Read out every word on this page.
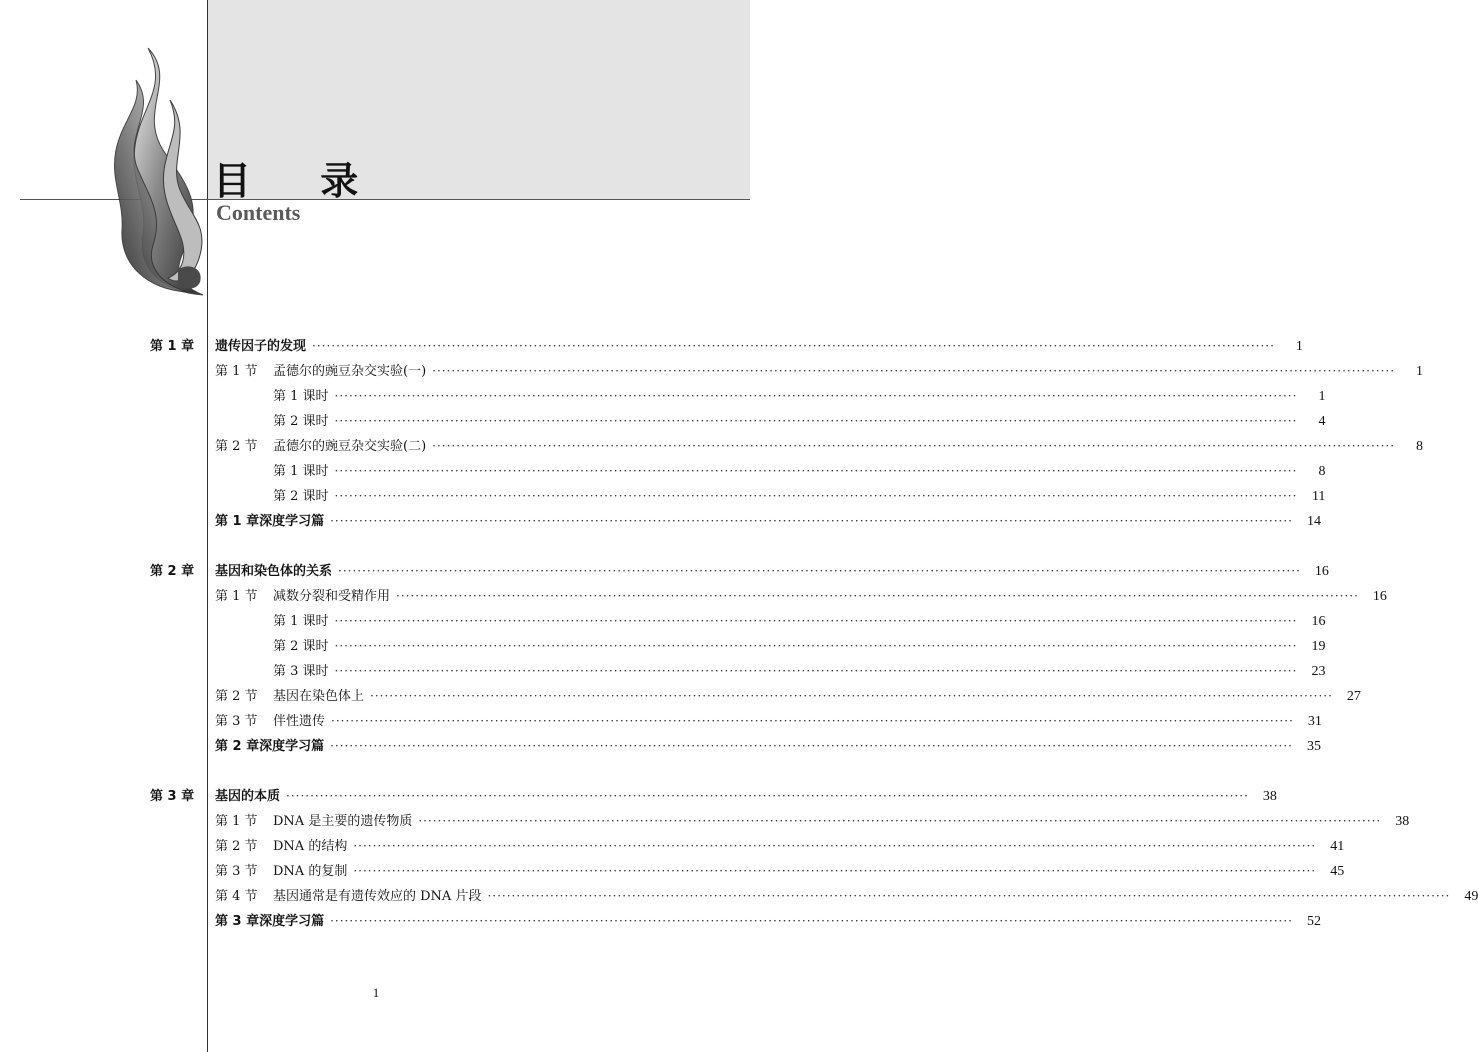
目 录
Contents
第 1 章	遗传因子的发现 ········································································································································································································	1
第 1 节	孟德尔的豌豆杂交实验(一) ········································································································································································································	1
第 1 课时 ········································································································································································································	1
第 2 课时 ········································································································································································································	4
第 2 节	孟德尔的豌豆杂交实验(二) ········································································································································································································	8
第 1 课时 ········································································································································································································	8
第 2 课时 ········································································································································································································	11
第 1 章深度学习篇 ········································································································································································································	14
第 2 章	基因和染色体的关系 ········································································································································································································	16
第 1 节	减数分裂和受精作用 ········································································································································································································	16
第 1 课时 ········································································································································································································	16
第 2 课时 ········································································································································································································	19
第 3 课时 ········································································································································································································	23
第 2 节	基因在染色体上 ········································································································································································································	27
第 3 节	伴性遗传 ········································································································································································································	31
第 2 章深度学习篇 ········································································································································································································	35
第 3 章	基因的本质 ········································································································································································································	38
第 1 节	DNA 是主要的遗传物质 ········································································································································································································	38
第 2 节	DNA 的结构 ········································································································································································································	41
第 3 节	DNA 的复制 ········································································································································································································	45
第 4 节	基因通常是有遗传效应的 DNA 片段 ········································································································································································································	49
第 3 章深度学习篇 ········································································································································································································	52
1
